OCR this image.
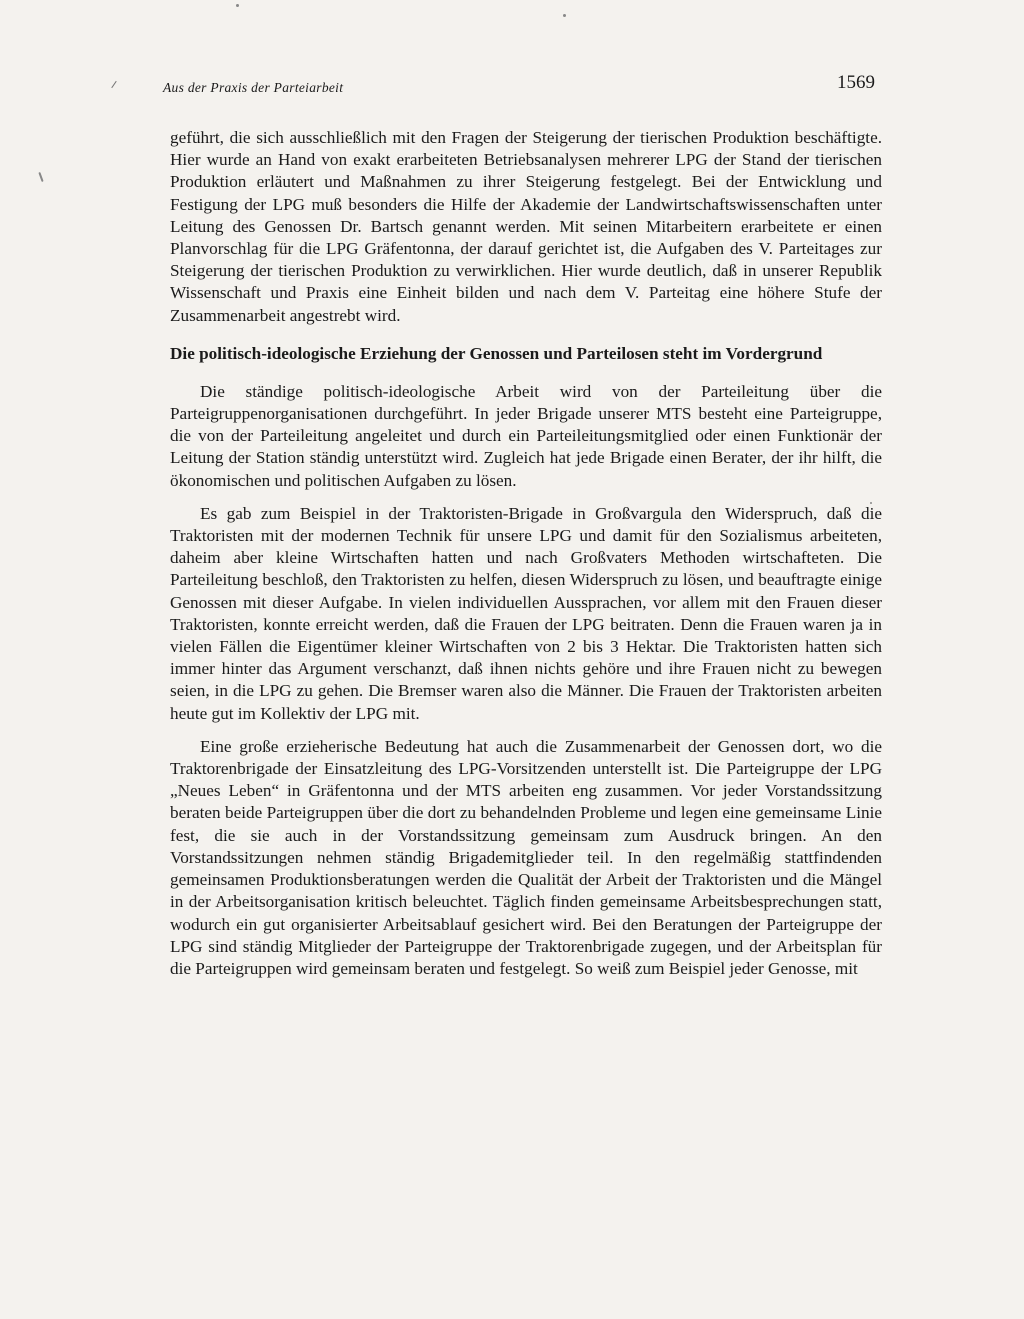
Aus der Praxis der Parteiarbeit	1569

geführt, die sich ausschließlich mit den Fragen der Steigerung der tierischen Produktion beschäftigte. Hier wurde an Hand von exakt erarbeiteten Betriebsanalysen mehrerer LPG der Stand der tierischen Produktion erläutert und Maßnahmen zu ihrer Steigerung festgelegt. Bei der Entwicklung und Festigung der LPG muß besonders die Hilfe der Akademie der Landwirtschaftswissenschaften unter Leitung des Genossen Dr. Bartsch genannt werden. Mit seinen Mitarbeitern erarbeitete er einen Planvorschlag für die LPG Gräfentonna, der darauf gerichtet ist, die Aufgaben des V. Parteitages zur Steigerung der tierischen Produktion zu verwirklichen. Hier wurde deutlich, daß in unserer Republik Wissenschaft und Praxis eine Einheit bilden und nach dem V. Parteitag eine höhere Stufe der Zusammenarbeit angestrebt wird.

Die politisch-ideologische Erziehung der Genossen und Parteilosen steht im Vordergrund

Die ständige politisch-ideologische Arbeit wird von der Parteileitung über die Parteigruppenorganisationen durchgeführt. In jeder Brigade unserer MTS besteht eine Parteigruppe, die von der Parteileitung angeleitet und durch ein Parteileitungsmitglied oder einen Funktionär der Leitung der Station ständig unterstützt wird. Zugleich hat jede Brigade einen Berater, der ihr hilft, die ökonomischen und politischen Aufgaben zu lösen.

Es gab zum Beispiel in der Traktoristen-Brigade in Großvargula den Widerspruch, daß die Traktoristen mit der modernen Technik für unsere LPG und damit für den Sozialismus arbeiteten, daheim aber kleine Wirtschaften hatten und nach Großvaters Methoden wirtschafteten. Die Parteileitung beschloß, den Traktoristen zu helfen, diesen Widerspruch zu lösen, und beauftragte einige Genossen mit dieser Aufgabe. In vielen individuellen Aussprachen, vor allem mit den Frauen dieser Traktoristen, konnte erreicht werden, daß die Frauen der LPG beitraten. Denn die Frauen waren ja in vielen Fällen die Eigentümer kleiner Wirtschaften von 2 bis 3 Hektar. Die Traktoristen hatten sich immer hinter das Argument verschanzt, daß ihnen nichts gehöre und ihre Frauen nicht zu bewegen seien, in die LPG zu gehen. Die Bremser waren also die Männer. Die Frauen der Traktoristen arbeiten heute gut im Kollektiv der LPG mit.

Eine große erzieherische Bedeutung hat auch die Zusammenarbeit der Genossen dort, wo die Traktorenbrigade der Einsatzleitung des LPG-Vorsitzenden unterstellt ist. Die Parteigruppe der LPG „Neues Leben“ in Gräfentonna und der MTS arbeiten eng zusammen. Vor jeder Vorstandssitzung beraten beide Parteigruppen über die dort zu behandelnden Probleme und legen eine gemeinsame Linie fest, die sie auch in der Vorstandssitzung gemeinsam zum Ausdruck bringen. An den Vorstandssitzungen nehmen ständig Brigademitglieder teil. In den regelmäßig stattfindenden gemeinsamen Produktionsberatungen werden die Qualität der Arbeit der Traktoristen und die Mängel in der Arbeitsorganisation kritisch beleuchtet. Täglich finden gemeinsame Arbeitsbesprechungen statt, wodurch ein gut organisierter Arbeitsablauf gesichert wird. Bei den Beratungen der Parteigruppe der LPG sind ständig Mitglieder der Parteigruppe der Traktorenbrigade zugegen, und der Arbeitsplan für die Parteigruppen wird gemeinsam beraten und festgelegt. So weiß zum Beispiel jeder Genosse, mit
